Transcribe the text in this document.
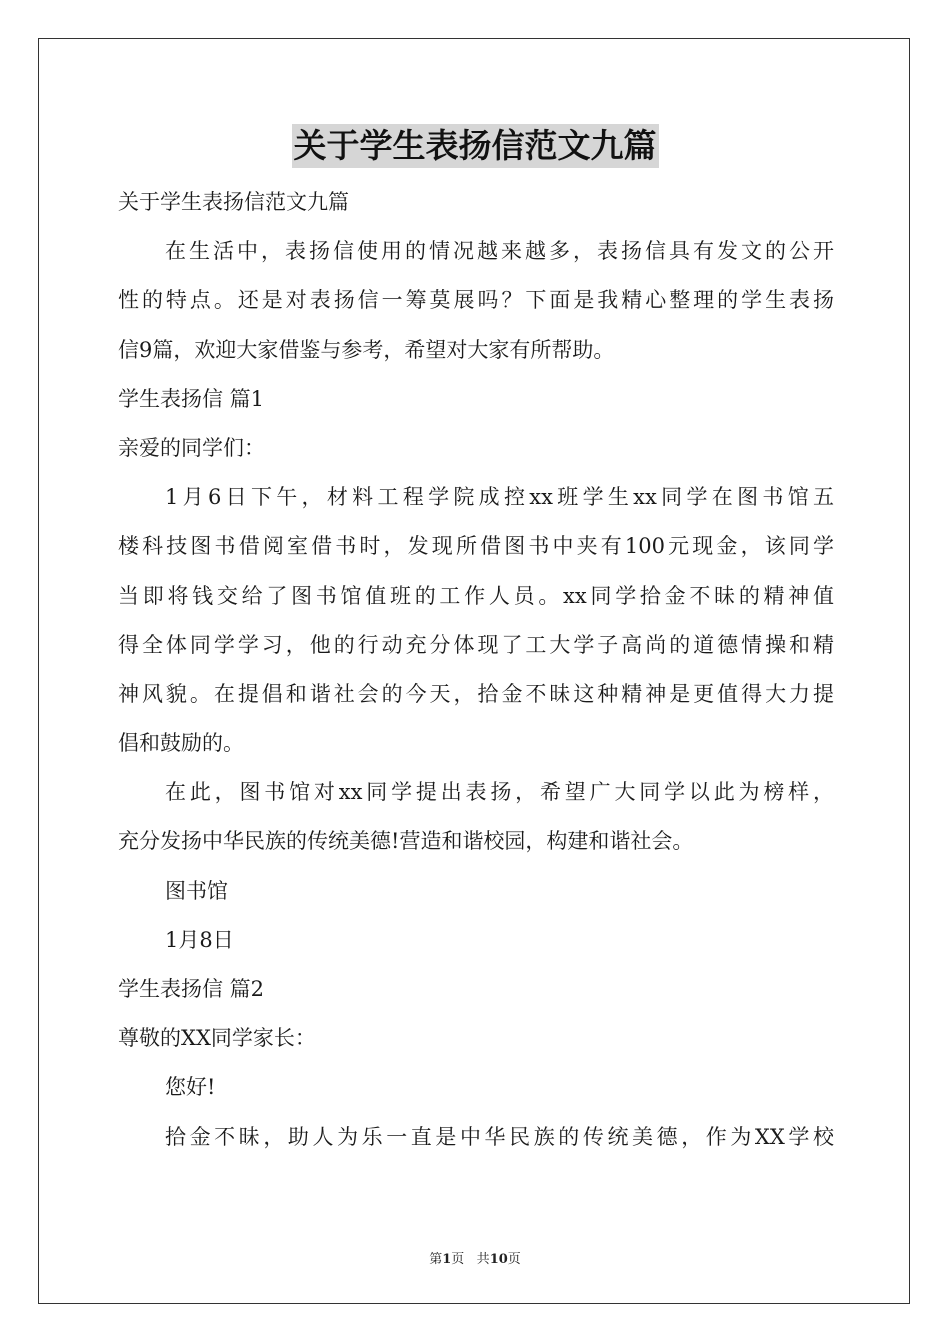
关于学生表扬信范文九篇
关于学生表扬信范文九篇
在生活中，表扬信使用的情况越来越多，表扬信具有发文的公开
性的特点。还是对表扬信一筹莫展吗？下面是我精心整理的学生表扬
信9篇，欢迎大家借鉴与参考，希望对大家有所帮助。
学生表扬信 篇1
亲爱的同学们：
1月6日下午，材料工程学院成控xx班学生xx同学在图书馆五
楼科技图书借阅室借书时，发现所借图书中夹有100元现金，该同学
当即将钱交给了图书馆值班的工作人员。xx同学拾金不昧的精神值
得全体同学学习，他的行动充分体现了工大学子高尚的道德情操和精
神风貌。在提倡和谐社会的今天，拾金不昧这种精神是更值得大力提
倡和鼓励的。
在此，图书馆对xx同学提出表扬，希望广大同学以此为榜样，
充分发扬中华民族的传统美德!营造和谐校园，构建和谐社会。
图书馆
1月8日
学生表扬信 篇2
尊敬的XX同学家长：
您好!
拾金不昧，助人为乐一直是中华民族的传统美德，作为XX学校
第1页 共10页
